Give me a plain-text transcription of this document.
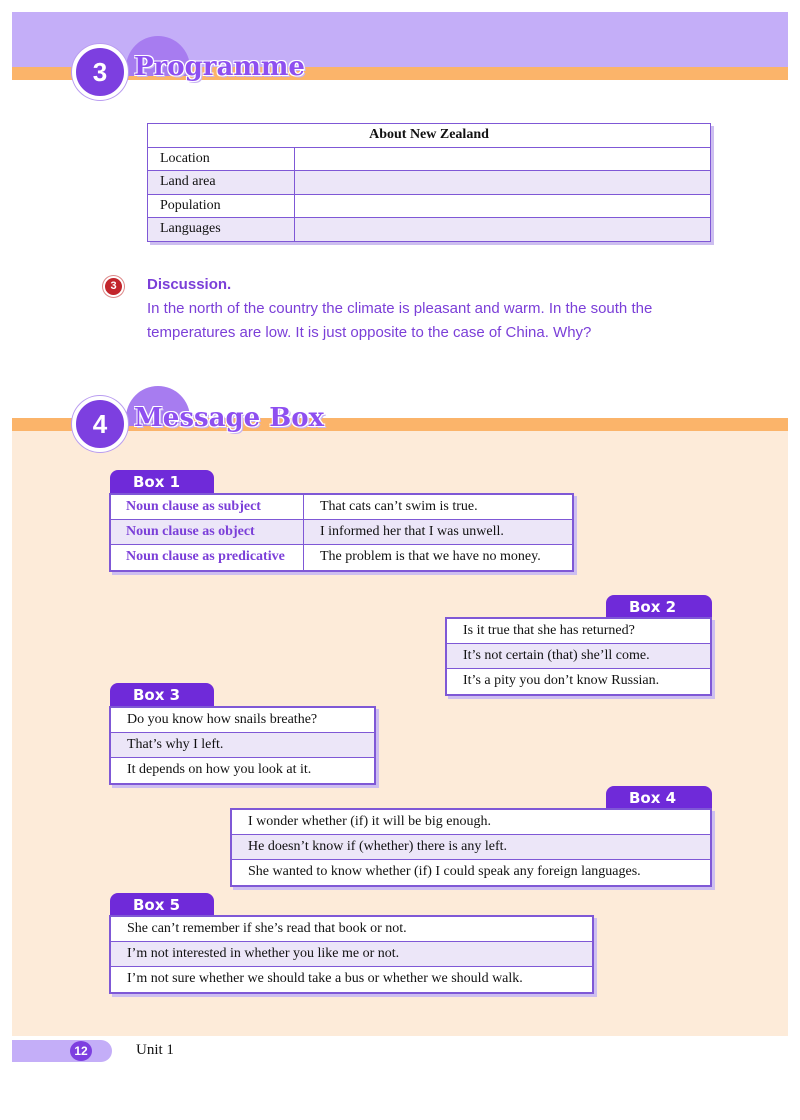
3	Programme
About New Zealand	
Location	
Land area	
Population	
Languages	
3	Discussion.
In the north of the country the climate is pleasant and warm. In the south the temperatures are low. It is just opposite to the case of China. Why?
4	Message Box
Box 1
Noun clause as subject	That cats can’t swim is true.
Noun clause as object	I informed her that I was unwell.
Noun clause as predicative	The problem is that we have no money.
Box 2
Is it true that she has returned?
It’s not certain (that) she’ll come.
It’s a pity you don’t know Russian.
Box 3
Do you know how snails breathe?
That’s why I left.
It depends on how you look at it.
Box 4
I wonder whether (if) it will be big enough.
He doesn’t know if (whether) there is any left.
She wanted to know whether (if) I could speak any foreign languages.
Box 5
She can’t remember if she’s read that book or not.
I’m not interested in whether you like me or not.
I’m not sure whether we should take a bus or whether we should walk.
12	Unit 1
